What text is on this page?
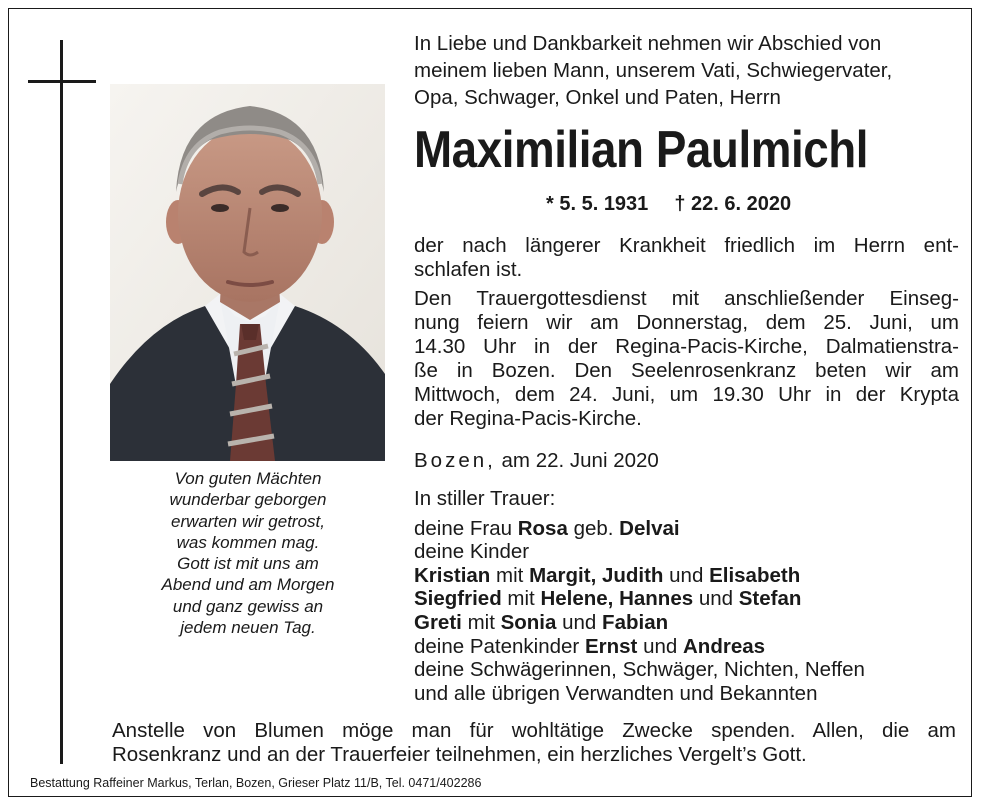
Von guten Mächten
wunderbar geborgen
erwarten wir getrost,
was kommen mag.
Gott ist mit uns am
Abend und am Morgen
und ganz gewiss an
jedem neuen Tag.
In Liebe und Dankbarkeit nehmen wir Abschied von
meinem lieben Mann, unserem Vati, Schwiegervater,
Opa, Schwager, Onkel und Paten, Herrn
Maximilian Paulmichl
* 5. 5. 1931 † 22. 6. 2020
der nach längerer Krankheit friedlich im Herrn ent-
schlafen ist.
Den Trauergottesdienst mit anschließender Einseg-
nung feiern wir am Donnerstag, dem 25. Juni, um
14.30 Uhr in der Regina-Pacis-Kirche, Dalmatienstra-
ße in Bozen. Den Seelenrosenkranz beten wir am
Mittwoch, dem 24. Juni, um 19.30 Uhr in der Krypta
der Regina-Pacis-Kirche.
Bozen, am 22. Juni 2020
In stiller Trauer:
deine Frau Rosa geb. Delvai
deine Kinder
Kristian mit Margit, Judith und Elisabeth
Siegfried mit Helene, Hannes und Stefan
Greti mit Sonia und Fabian
deine Patenkinder Ernst und Andreas
deine Schwägerinnen, Schwäger, Nichten, Neffen
und alle übrigen Verwandten und Bekannten
Anstelle von Blumen möge man für wohltätige Zwecke spenden. Allen, die am
Rosenkranz und an der Trauerfeier teilnehmen, ein herzliches Vergelt’s Gott.
Bestattung Raffeiner Markus, Terlan, Bozen, Grieser Platz 11/B, Tel. 0471/402286
